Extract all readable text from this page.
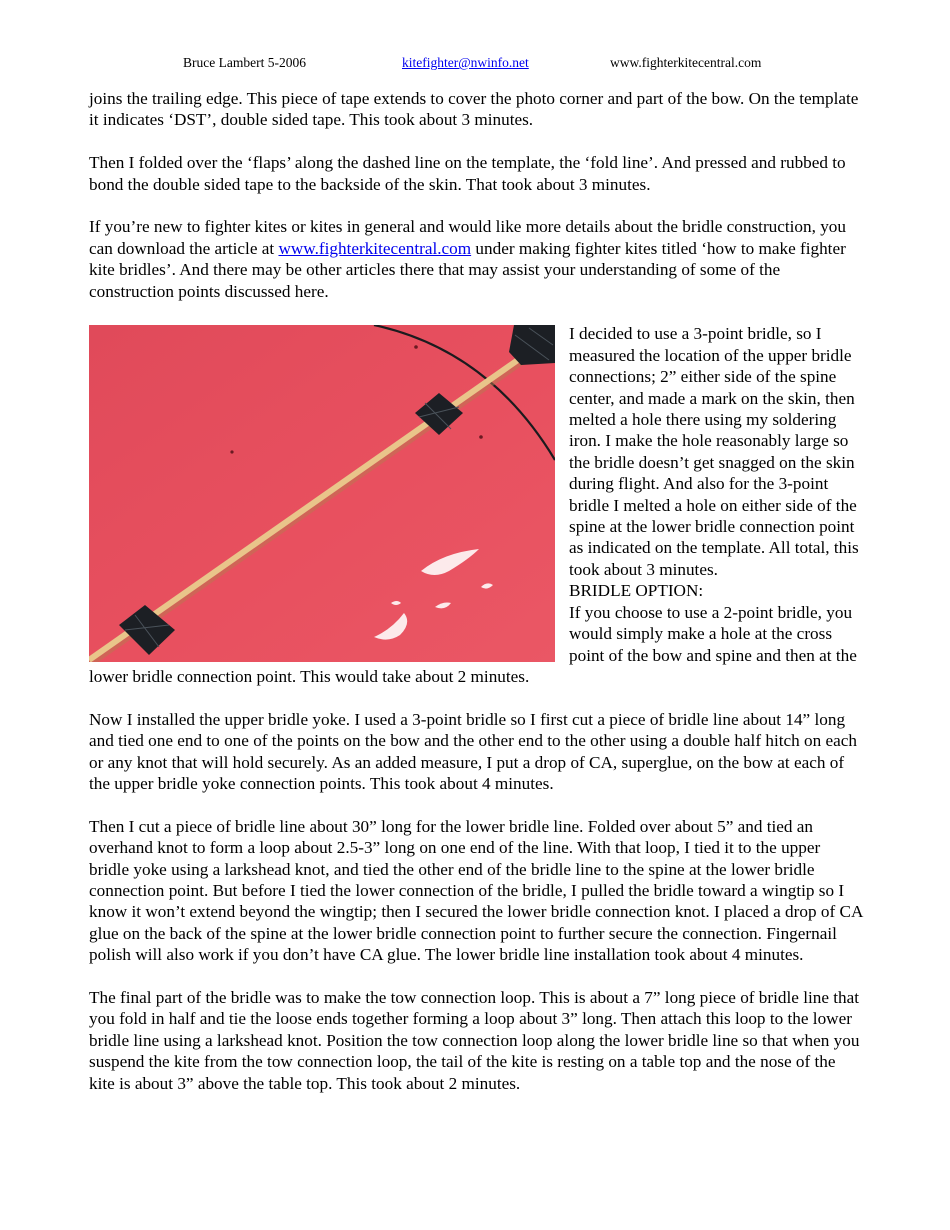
Bruce Lambert 5-2006	kitefighter@nwinfo.net	www.fighterkitecentral.com

joins the trailing edge. This piece of tape extends to cover the photo corner and part of the bow. On the template it indicates ‘DST’, double sided tape. This took about 3 minutes.

Then I folded over the ‘flaps’ along the dashed line on the template, the ‘fold line’. And pressed and rubbed to bond the double sided tape to the backside of the skin. That took about 3 minutes.

If you’re new to fighter kites or kites in general and would like more details about the bridle construction, you can download the article at www.fighterkitecentral.com under making fighter kites titled ‘how to make fighter kite bridles’. And there may be other articles there that may assist your understanding of some of the construction points discussed here.

I decided to use a 3-point bridle, so I measured the location of the upper bridle connections; 2” either side of the spine center, and made a mark on the skin, then melted a hole there using my soldering iron. I make the hole reasonably large so the bridle doesn’t get snagged on the skin during flight. And also for the 3-point bridle I melted a hole on either side of the spine at the lower bridle connection point as indicated on the template. All total, this took about 3 minutes.
BRIDLE OPTION:
If you choose to use a 2-point bridle, you would simply make a hole at the cross point of the bow and spine and then at the lower bridle connection point. This would take about 2 minutes.

Now I installed the upper bridle yoke. I used a 3-point bridle so I first cut a piece of bridle line about 14” long and tied one end to one of the points on the bow and the other end to the other using a double half hitch on each or any knot that will hold securely. As an added measure, I put a drop of CA, superglue, on the bow at each of the upper bridle yoke connection points. This took about 4 minutes.

Then I cut a piece of bridle line about 30” long for the lower bridle line. Folded over about 5” and tied an overhand knot to form a loop about 2.5-3” long on one end of the line. With that loop, I tied it to the upper bridle yoke using a larkshead knot, and tied the other end of the bridle line to the spine at the lower bridle connection point. But before I tied the lower connection of the bridle, I pulled the bridle toward a wingtip so I know it won’t extend beyond the wingtip; then I secured the lower bridle connection knot. I placed a drop of CA glue on the back of the spine at the lower bridle connection point to further secure the connection. Fingernail polish will also work if you don’t have CA glue. The lower bridle line installation took about 4 minutes.

The final part of the bridle was to make the tow connection loop. This is about a 7” long piece of bridle line that you fold in half and tie the loose ends together forming a loop about 3” long. Then attach this loop to the lower bridle line using a larkshead knot. Position the tow connection loop along the lower bridle line so that when you suspend the kite from the tow connection loop, the tail of the kite is resting on a table top and the nose of the kite is about 3” above the table top. This took about 2 minutes.
